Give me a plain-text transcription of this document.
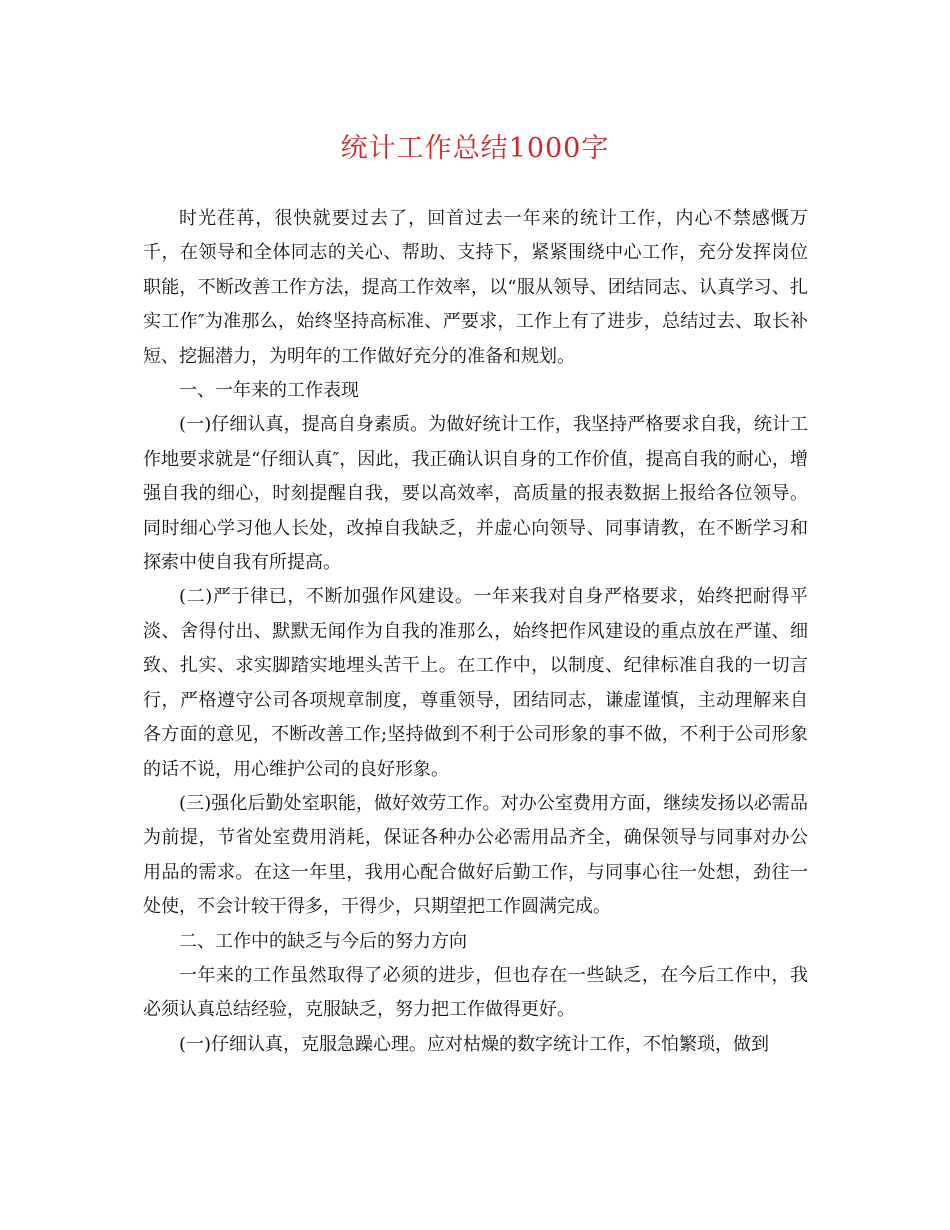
统计工作总结1000字

时光荏苒，很快就要过去了，回首过去一年来的统计工作，内心不禁感慨万千，在领导和全体同志的关心、帮助、支持下，紧紧围绕中心工作，充分发挥岗位职能，不断改善工作方法，提高工作效率，以“服从领导、团结同志、认真学习、扎实工作″为准那么，始终坚持高标准、严要求，工作上有了进步，总结过去、取长补短、挖掘潜力，为明年的工作做好充分的准备和规划。

一、一年来的工作表现

(一)仔细认真，提高自身素质。为做好统计工作，我坚持严格要求自我，统计工作地要求就是“仔细认真″，因此，我正确认识自身的工作价值，提高自我的耐心，增强自我的细心，时刻提醒自我，要以高效率，高质量的报表数据上报给各位领导。同时细心学习他人长处，改掉自我缺乏，并虚心向领导、同事请教，在不断学习和探索中使自我有所提高。

(二)严于律已，不断加强作风建设。一年来我对自身严格要求，始终把耐得平淡、舍得付出、默默无闻作为自我的准那么，始终把作风建设的重点放在严谨、细致、扎实、求实脚踏实地埋头苦干上。在工作中，以制度、纪律标准自我的一切言行，严格遵守公司各项规章制度，尊重领导，团结同志，谦虚谨慎，主动理解来自各方面的意见，不断改善工作;坚持做到不利于公司形象的事不做，不利于公司形象的话不说，用心维护公司的良好形象。

(三)强化后勤处室职能，做好效劳工作。对办公室费用方面，继续发扬以必需品为前提，节省处室费用消耗，保证各种办公必需用品齐全，确保领导与同事对办公用品的需求。在这一年里，我用心配合做好后勤工作，与同事心往一处想，劲往一处使，不会计较干得多，干得少，只期望把工作圆满完成。

二、工作中的缺乏与今后的努力方向

一年来的工作虽然取得了必须的进步，但也存在一些缺乏，在今后工作中，我必须认真总结经验，克服缺乏，努力把工作做得更好。

(一)仔细认真，克服急躁心理。应对枯燥的数字统计工作，不怕繁琐，做到
